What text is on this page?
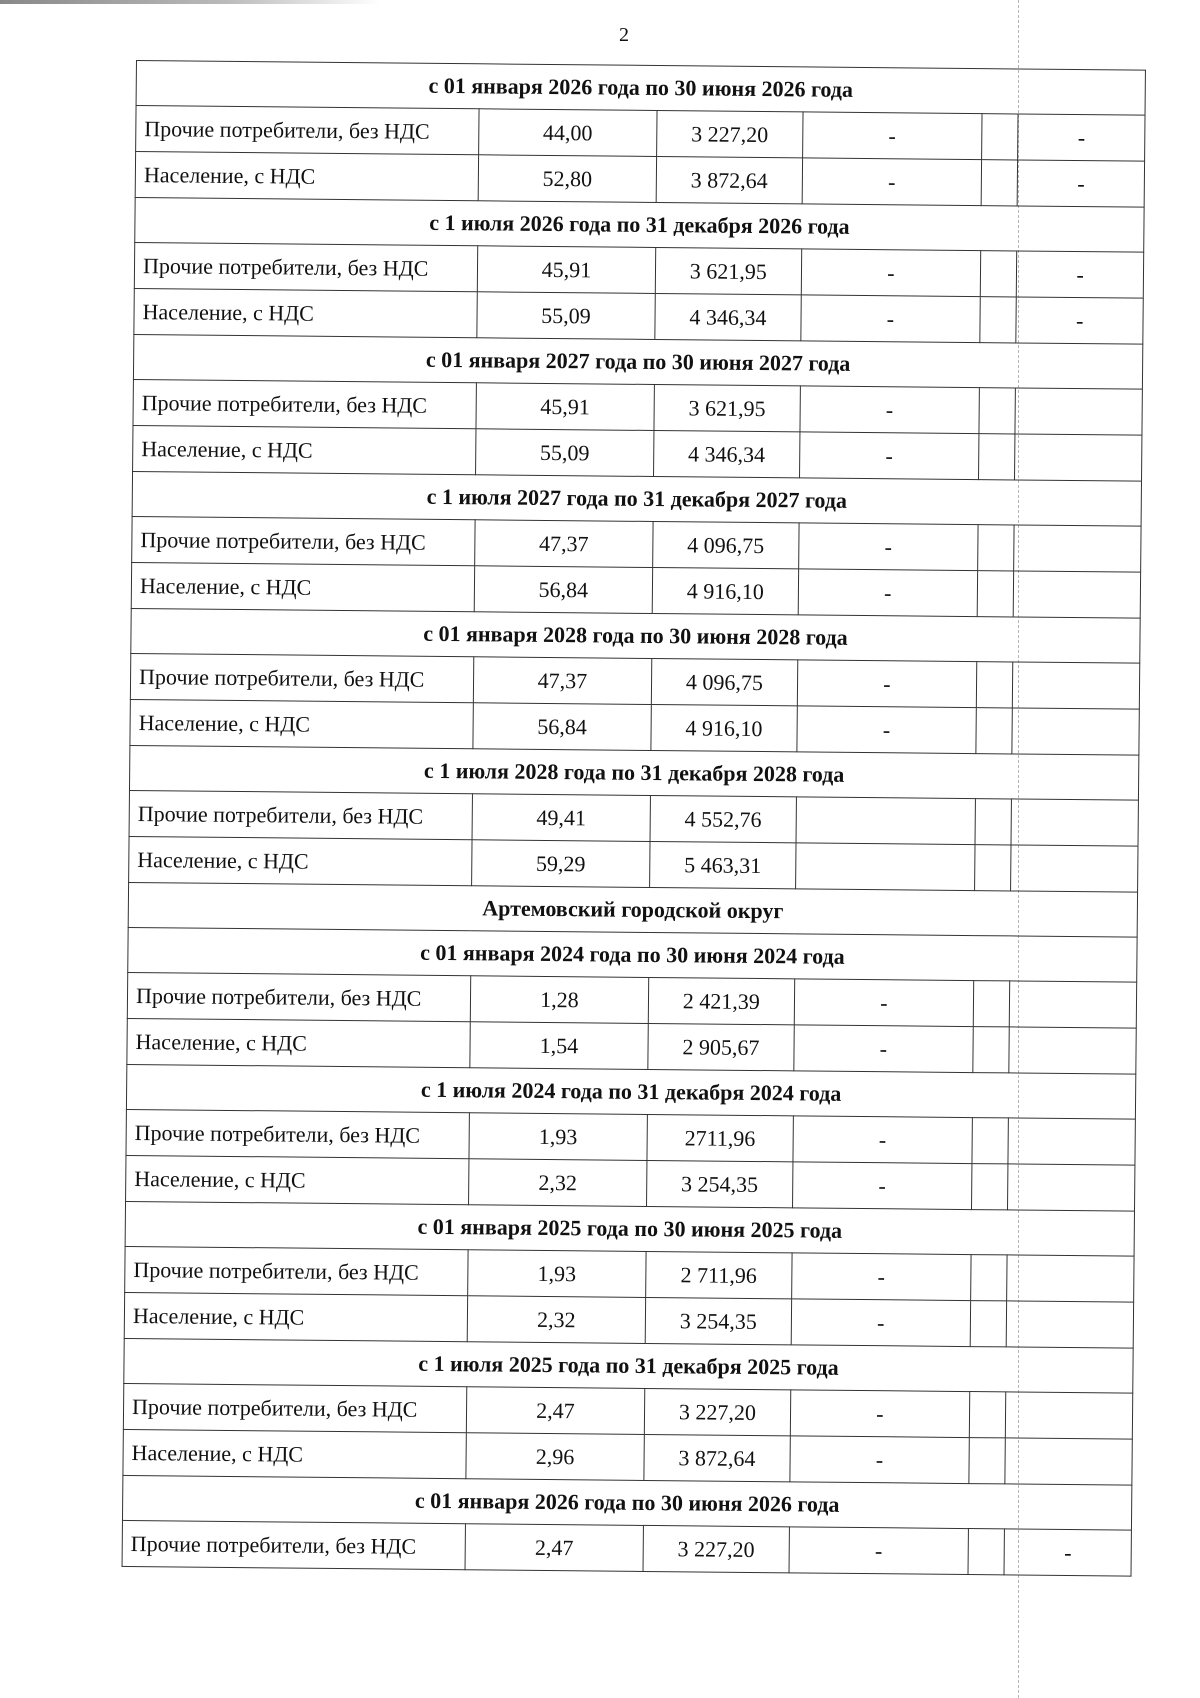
2
с 01 января 2026 года по 30 июня 2026 года					
Прочие потребители, без НДС	44,00	3 227,20	-		-
Население, с НДС	52,80	3 872,64	-		-
с 1 июля 2026 года по 31 декабря 2026 года					
Прочие потребители, без НДС	45,91	3 621,95	-		-
Население, с НДС	55,09	4 346,34	-		-
с 01 января 2027 года по 30 июня 2027 года					
Прочие потребители, без НДС	45,91	3 621,95	-		
Население, с НДС	55,09	4 346,34	-		
с 1 июля 2027 года по 31 декабря 2027 года					
Прочие потребители, без НДС	47,37	4 096,75	-		
Население, с НДС	56,84	4 916,10	-		
с 01 января 2028 года по 30 июня 2028 года					
Прочие потребители, без НДС	47,37	4 096,75	-		
Население, с НДС	56,84	4 916,10	-		
с 1 июля 2028 года по 31 декабря 2028 года					
Прочие потребители, без НДС	49,41	4 552,76			
Население, с НДС	59,29	5 463,31			
Артемовский городской округ					
с 01 января 2024 года по 30 июня 2024 года					
Прочие потребители, без НДС	1,28	2 421,39	-		
Население, с НДС	1,54	2 905,67	-		
с 1 июля 2024 года по 31 декабря 2024 года					
Прочие потребители, без НДС	1,93	2711,96	-		
Население, с НДС	2,32	3 254,35	-		
с 01 января 2025 года по 30 июня 2025 года					
Прочие потребители, без НДС	1,93	2 711,96	-		
Население, с НДС	2,32	3 254,35	-		
с 1 июля 2025 года по 31 декабря 2025 года					
Прочие потребители, без НДС	2,47	3 227,20	-		
Население, с НДС	2,96	3 872,64	-		
с 01 января 2026 года по 30 июня 2026 года					
Прочие потребители, без НДС	2,47	3 227,20	-		-
